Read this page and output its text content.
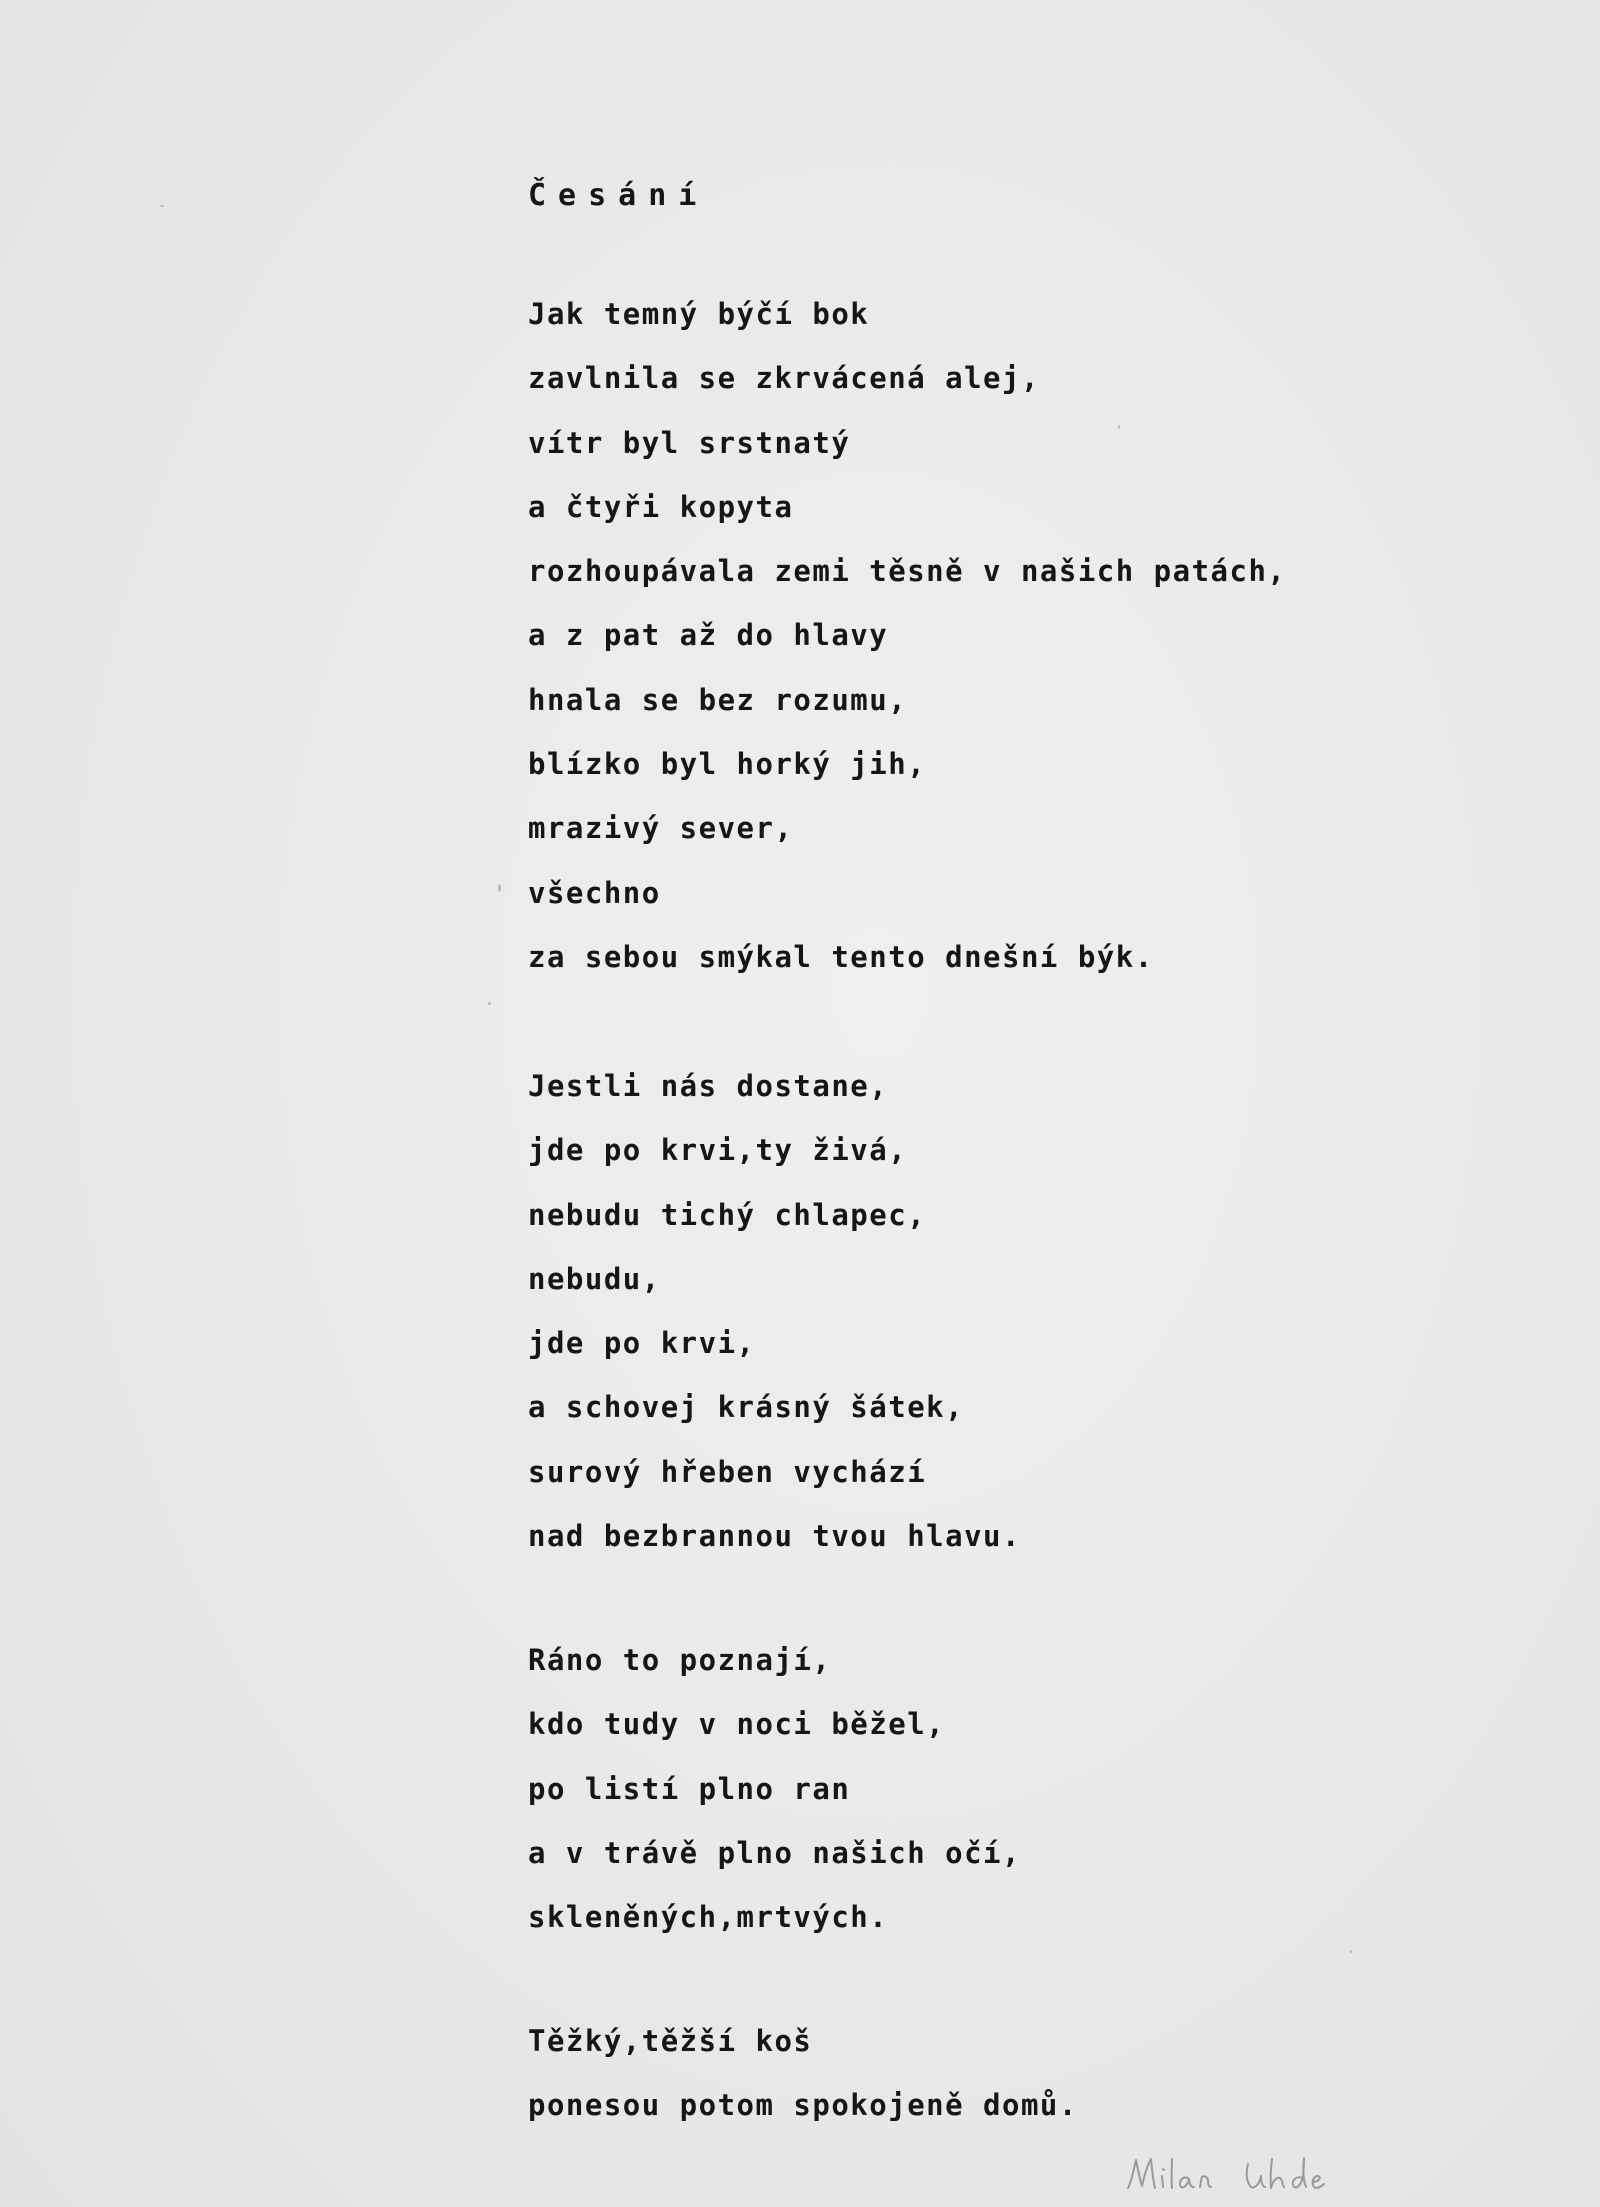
Česání
Jak temný býčí bok
zavlnila se zkrvácená alej,
vítr byl srstnatý
a čtyři kopyta
rozhoupávala zemi těsně v našich patách,
a z pat až do hlavy
hnala se bez rozumu,
blízko byl horký jih,
mrazivý sever,
všechno
za sebou smýkal tento dnešní býk.
Jestli nás dostane,
jde po krvi,ty živá,
nebudu tichý chlapec,
nebudu,
jde po krvi,
a schovej krásný šátek,
surový hřeben vychází
nad bezbrannou tvou hlavu.
Ráno to poznají,
kdo tudy v noci běžel,
po listí plno ran
a v trávě plno našich očí,
skleněných,mrtvých.
Těžký,těžší koš
ponesou potom spokojeně domů.
